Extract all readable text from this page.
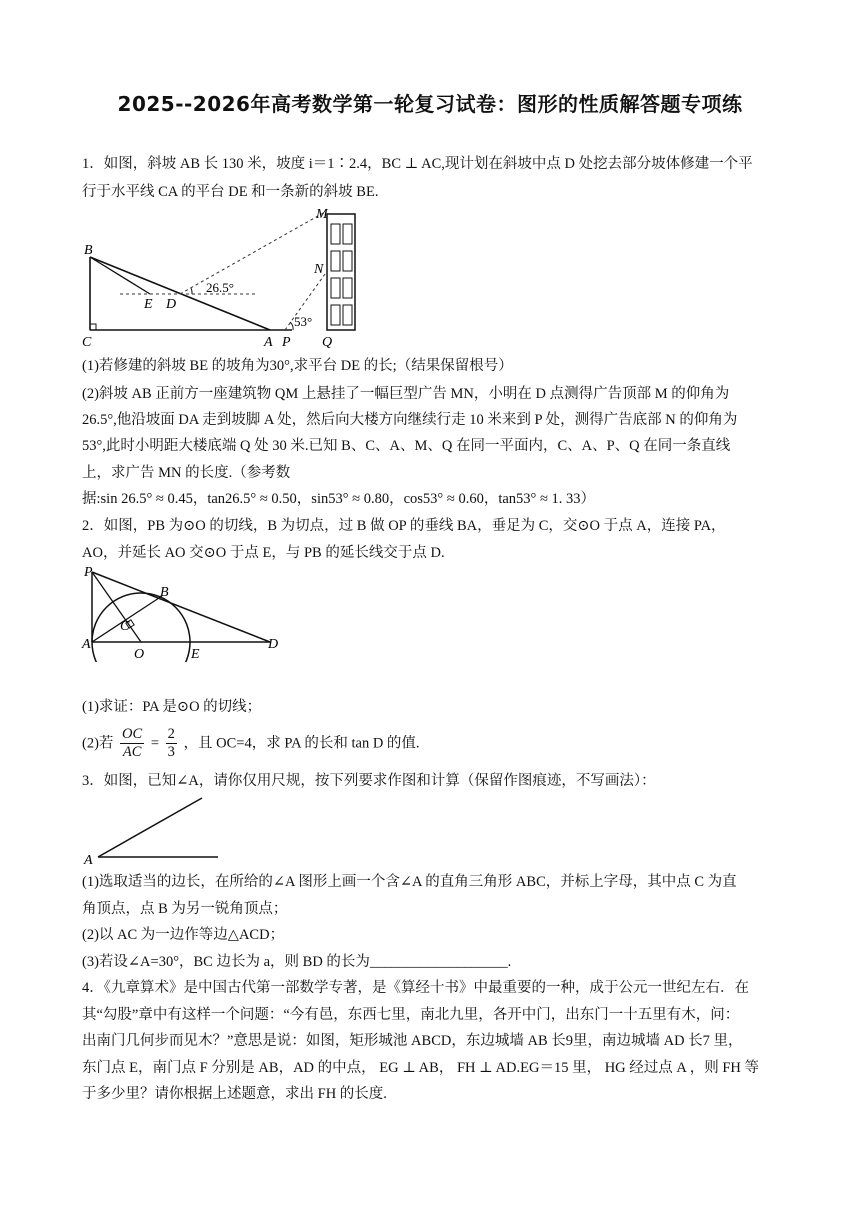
2025--2026年高考数学第一轮复习试卷：图形的性质解答题专项练
1．如图，斜坡 AB 长 130 米，坡度 i＝1∶2.4，BC ⊥ AC,现计划在斜坡中点 D 处挖去部分坡体修建一个平
行于水平线 CA 的平台 DE 和一条新的斜坡 BE.
B
C
E D
A P Q
M
N
26.5°
53°
(1)若修建的斜坡 BE 的坡角为30°,求平台 DE 的长;（结果保留根号）
(2)斜坡 AB 正前方一座建筑物 QM 上悬挂了一幅巨型广告 MN，小明在 D 点测得广告顶部 M 的仰角为
26.5°,他沿坡面 DA 走到坡脚 A 处，然后向大楼方向继续行走 10 米来到 P 处，测得广告底部 N 的仰角为
53°,此时小明距大楼底端 Q 处 30 米.已知 B、C、A、M、Q 在同一平面内，C、A、P、Q 在同一条直线
上，求广告 MN 的长度.（参考数
据:sin 26.5° ≈ 0.45，tan26.5° ≈ 0.50，sin53° ≈ 0.80，cos53° ≈ 0.60，tan53° ≈ 1. 33）
2．如图，PB 为⊙O 的切线，B 为切点，过 B 做 OP 的垂线 BA，垂足为 C，交⊙O 于点 A，连接 PA，
AO，并延长 AO 交⊙O 于点 E，与 PB 的延长线交于点 D.
P
B
C
A
O	E
D
(1)求证：PA 是⊙O 的切线；
(2)若 $\frac{OC}{AC} = \frac{2}{3}$ ，且 OC=4，求 PA 的长和 tan D 的值.
3．如图，已知∠A，请你仅用尺规，按下列要求作图和计算（保留作图痕迹，不写画法）：
A
(1)选取适当的边长，在所给的∠A 图形上画一个含∠A 的直角三角形 ABC，并标上字母，其中点 C 为直
角顶点，点 B 为另一锐角顶点；
(2)以 AC 为一边作等边△ACD；
(3)若设∠A=30°，BC 边长为 a，则 BD 的长为___________________.
4．《九章算术》是中国古代第一部数学专著，是《算经十书》中最重要的一种，成于公元一世纪左右．在
其“勾股”章中有这样一个问题：“今有邑，东西七里，南北九里，各开中门，出东门一十五里有木，问：
出南门几何步而见木？”意思是说：如图，矩形城池 ABCD，东边城墙 AB 长9里，南边城墙 AD 长7 里，
东门点 E，南门点 F 分别是 AB，AD 的中点， EG ⊥ AB， FH ⊥ AD.EG＝15 里， HG 经过点 A ，则 FH 等
于多少里？请你根据上述题意，求出 FH 的长度.
